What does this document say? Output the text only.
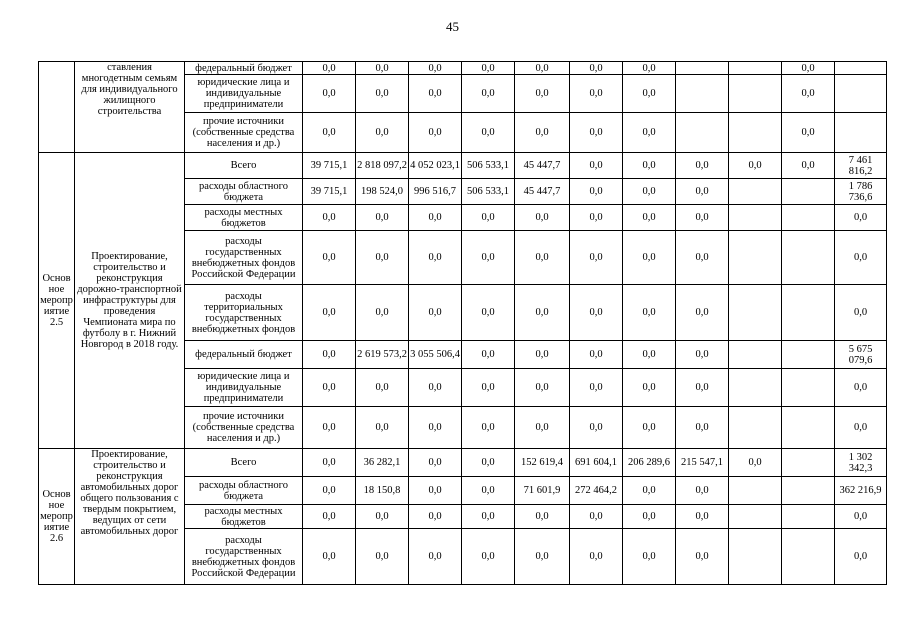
45
	ставления многодетным семьям для индивидуального жилищного строительства	федеральный бюджет	0,0	0,0	0,0	0,0	0,0	0,0	0,0			0,0	
		юридические лица и индивидуальные предприниматели	0,0	0,0	0,0	0,0	0,0	0,0	0,0			0,0	
		прочие источники (собственные средства населения и др.)	0,0	0,0	0,0	0,0	0,0	0,0	0,0			0,0	
Основное мероприятие 2.5	Проектирование, строительство и реконструкция дорожно-транспортной инфраструктуры для проведения Чемпионата мира по футболу в г. Нижний Новгород в 2018 году.	Всего	39 715,1	2 818 097,2	4 052 023,1	506 533,1	45 447,7	0,0	0,0	0,0	0,0	0,0	7 461 816,2
		расходы областного бюджета	39 715,1	198 524,0	996 516,7	506 533,1	45 447,7	0,0	0,0	0,0			1 786 736,6
		расходы местных бюджетов	0,0	0,0	0,0	0,0	0,0	0,0	0,0	0,0			0,0
		расходы государственных внебюджетных фондов Российской Федерации	0,0	0,0	0,0	0,0	0,0	0,0	0,0	0,0			0,0
		расходы территориальных государственных внебюджетных фондов	0,0	0,0	0,0	0,0	0,0	0,0	0,0	0,0			0,0
		федеральный бюджет	0,0	2 619 573,2	3 055 506,4	0,0	0,0	0,0	0,0	0,0			5 675 079,6
		юридические лица и индивидуальные предприниматели	0,0	0,0	0,0	0,0	0,0	0,0	0,0	0,0			0,0
		прочие источники (собственные средства населения и др.)	0,0	0,0	0,0	0,0	0,0	0,0	0,0	0,0			0,0
Основное мероприятие 2.6	Проектирование, строительство и реконструкция автомобильных дорог общего пользования с твердым покрытием, ведущих от сети автомобильных дорог	Всего	0,0	36 282,1	0,0	0,0	152 619,4	691 604,1	206 289,6	215 547,1	0,0		1 302 342,3
		расходы областного бюджета	0,0	18 150,8	0,0	0,0	71 601,9	272 464,2	0,0	0,0			362 216,9
		расходы местных бюджетов	0,0	0,0	0,0	0,0	0,0	0,0	0,0	0,0			0,0
		расходы государственных внебюджетных фондов Российской Федерации	0,0	0,0	0,0	0,0	0,0	0,0	0,0	0,0			0,0
